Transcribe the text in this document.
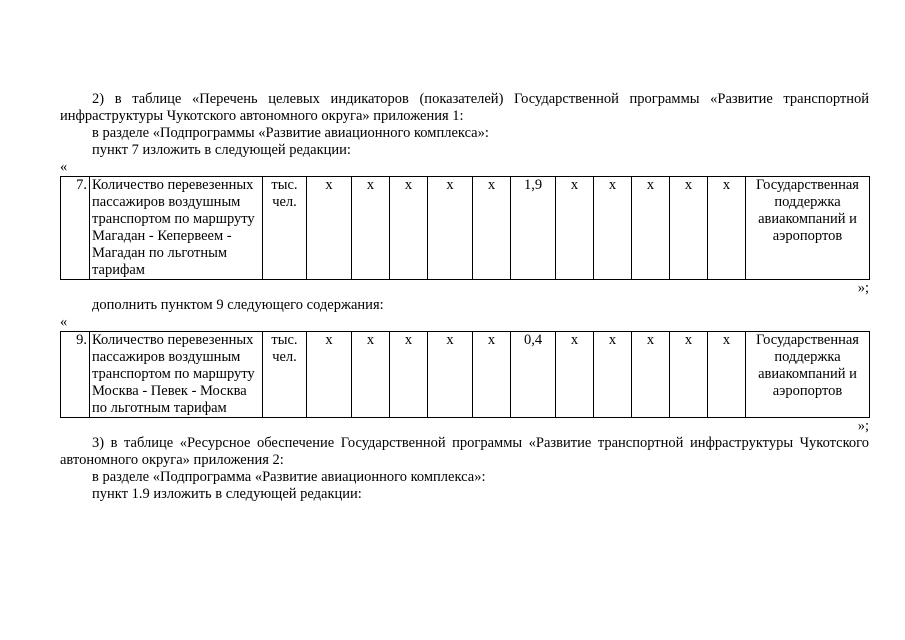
2) в таблице «Перечень целевых индикаторов (показателей) Государственной программы «Развитие транспортной инфраструктуры Чукотского автономного округа» приложения 1:

в разделе «Подпрограммы «Развитие авиационного комплекса»:

пункт 7 изложить в следующей редакции:

«

7.	Количество перевезенных пассажиров воздушным транспортом по маршруту Магадан - Кепервеем - Магадан по льготным тарифам	тыс. чел.	х	х	х	х	х	1,9	х	х	х	х	х	Государственная поддержка авиакомпаний и аэропортов

»;

дополнить пунктом 9 следующего содержания:

«

9.	Количество перевезенных пассажиров воздушным транспортом по маршруту Москва - Певек - Москва по льготным тарифам	тыс. чел.	х	х	х	х	х	0,4	х	х	х	х	х	Государственная поддержка авиакомпаний и аэропортов

»;

3) в таблице «Ресурсное обеспечение Государственной программы «Развитие транспортной инфраструктуры Чукотского автономного округа» приложения 2:

в разделе «Подпрограмма «Развитие авиационного комплекса»:

пункт 1.9 изложить в следующей редакции:
